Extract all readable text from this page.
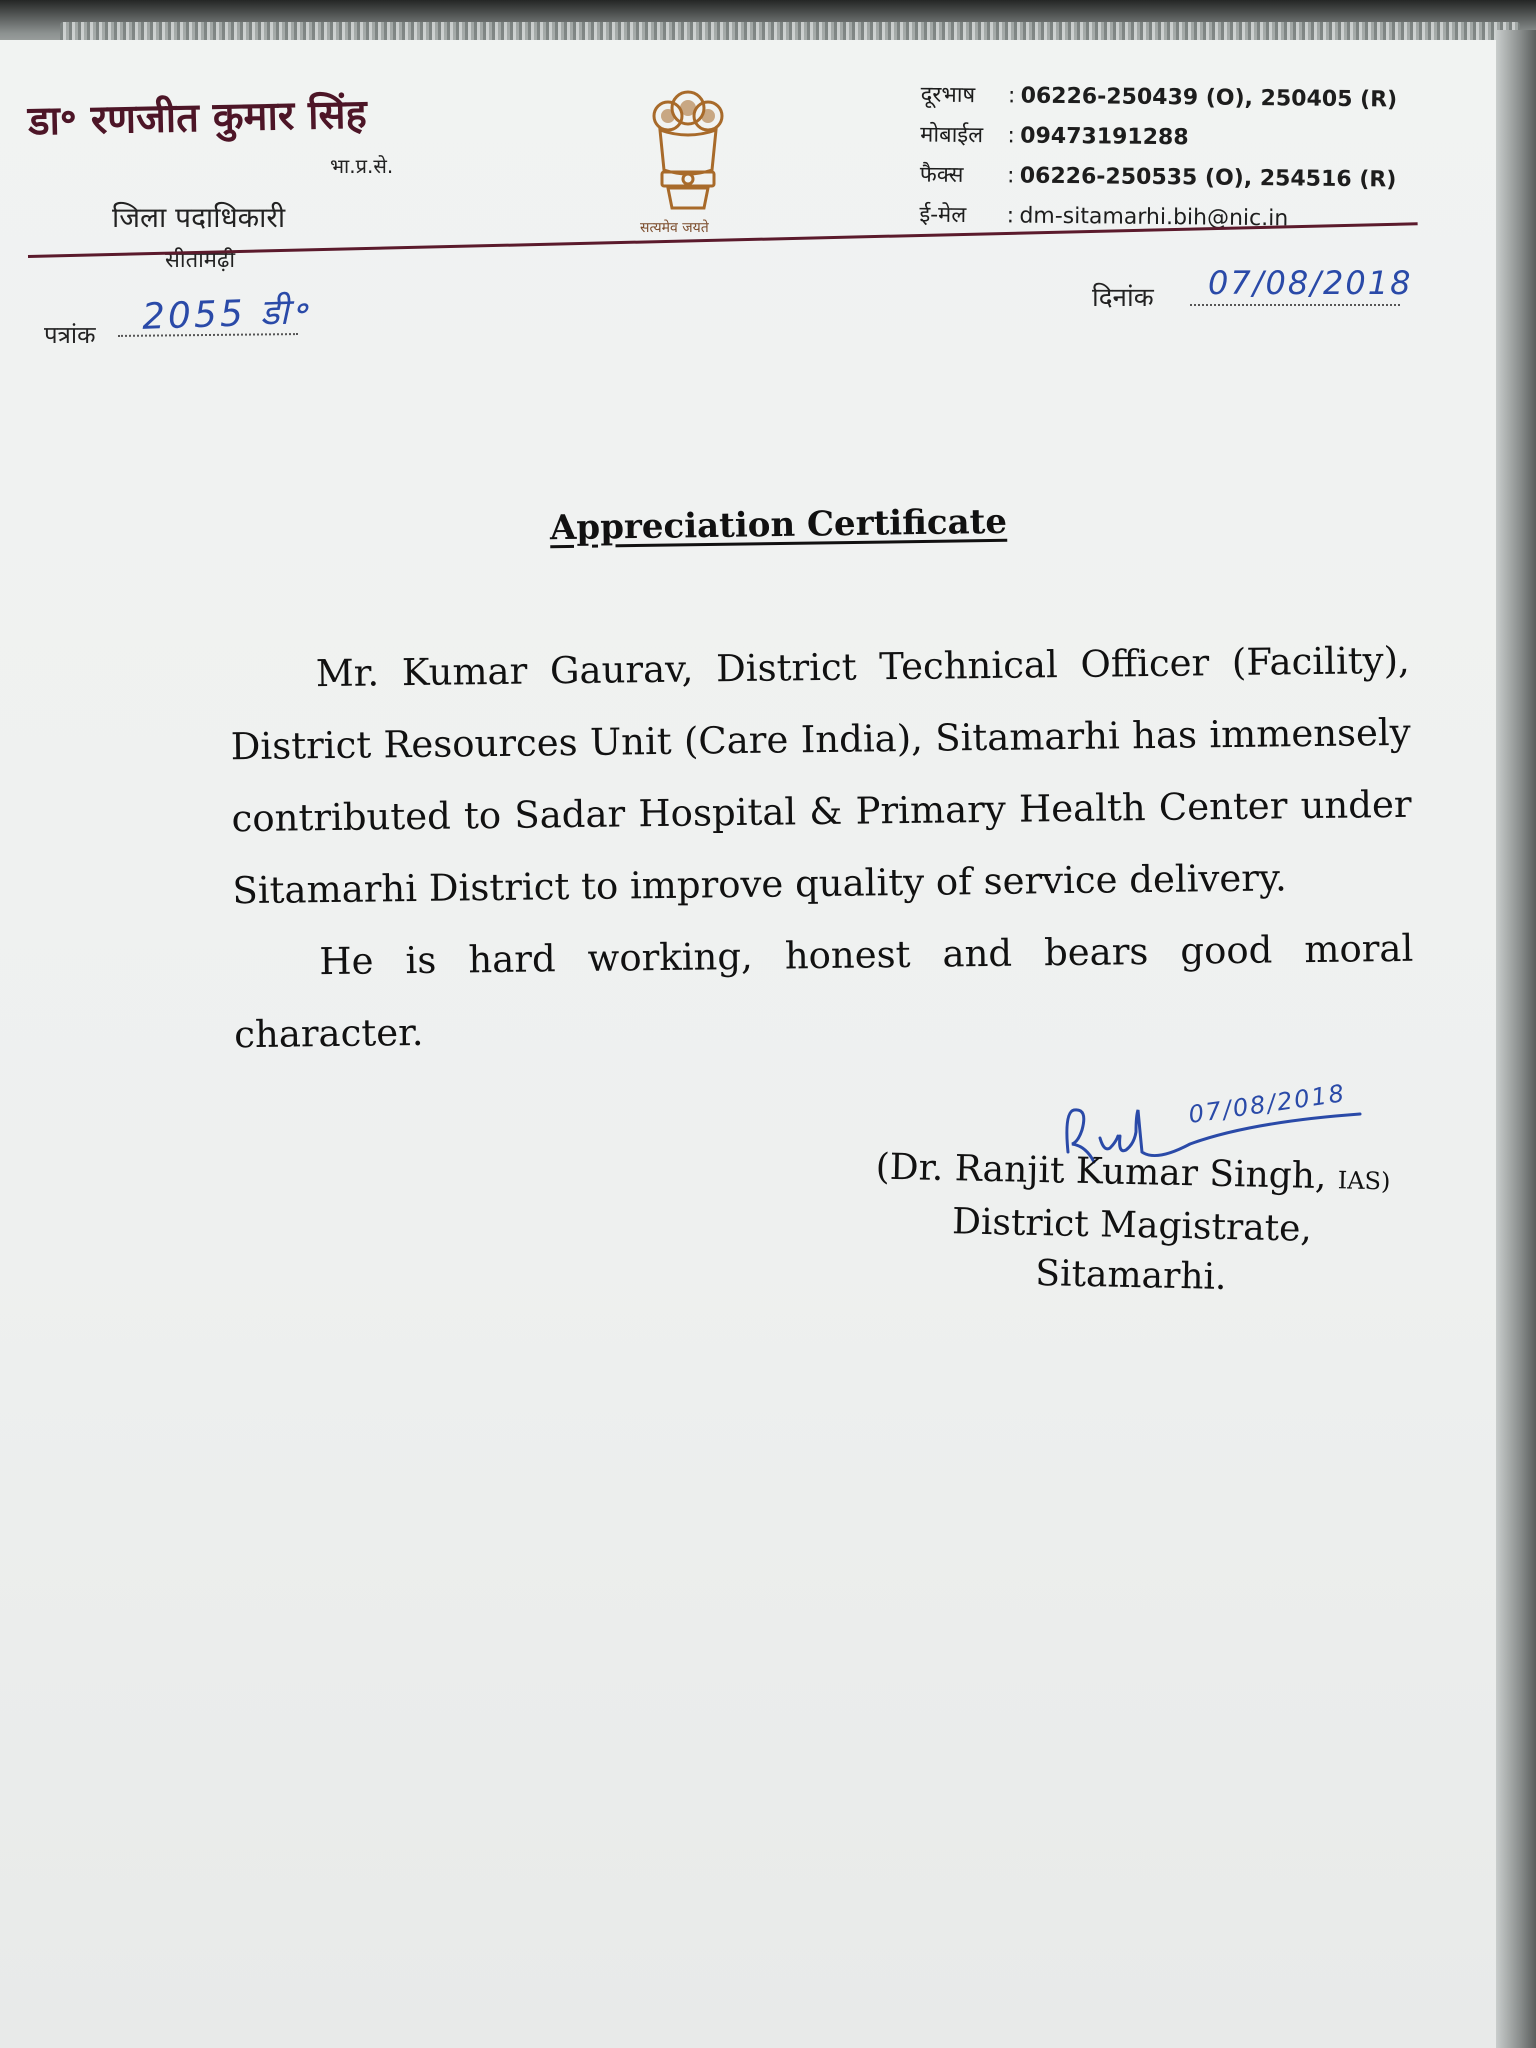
डा॰ रणजीत कुमार सिंह
भा.प्र.से.
जिला पदाधिकारी
सीतामढ़ी
सत्यमेव जयते
दूरभाष	: 06226-250439 (O), 250405 (R)
मोबाईल	: 09473191288
फैक्स	: 06226-250535 (O), 254516 (R)
ई-मेल	: dm-sitamarhi.bih@nic.in
पत्रांक 2055 डी॰	दिनांक 07/08/2018
Appreciation Certificate

Mr. Kumar Gaurav, District Technical Officer (Facility), District Resources Unit (Care India), Sitamarhi has immensely contributed to Sadar Hospital & Primary Health Center under Sitamarhi District to improve quality of service delivery.

He is hard working, honest and bears good moral character.

07/08/2018
(Dr. Ranjit Kumar Singh, IAS)
District Magistrate,
Sitamarhi.
